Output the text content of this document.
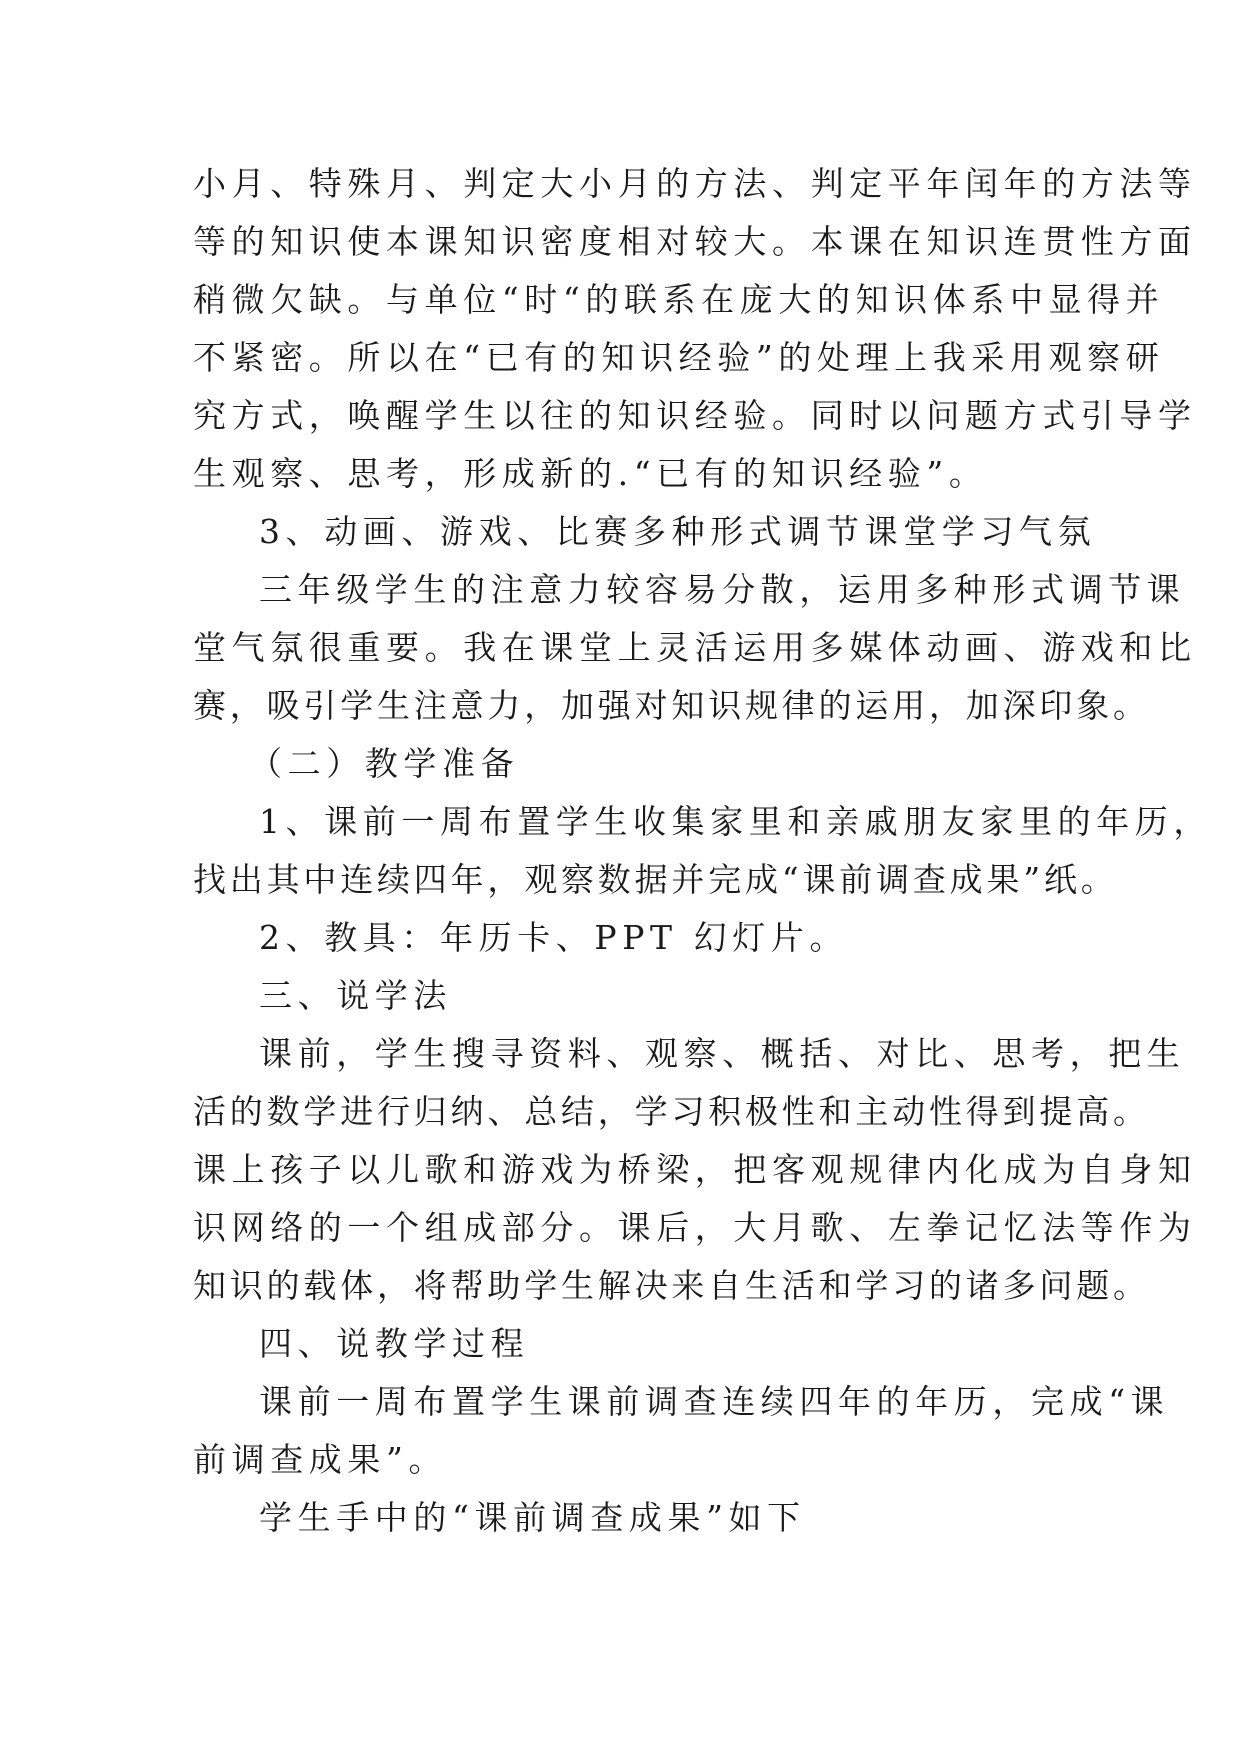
小月、特殊月、判定大小月的方法、判定平年闰年的方法等
等的知识使本课知识密度相对较大。本课在知识连贯性方面
稍微欠缺。与单位“时“的联系在庞大的知识体系中显得并
不紧密。所以在“已有的知识经验”的处理上我采用观察研
究方式，唤醒学生以往的知识经验。同时以问题方式引导学
生观察、思考，形成新的.“已有的知识经验”。
3、动画、游戏、比赛多种形式调节课堂学习气氛
三年级学生的注意力较容易分散，运用多种形式调节课
堂气氛很重要。我在课堂上灵活运用多媒体动画、游戏和比
赛，吸引学生注意力，加强对知识规律的运用，加深印象。
（二）教学准备
1、课前一周布置学生收集家里和亲戚朋友家里的年历，
找出其中连续四年，观察数据并完成“课前调查成果”纸。
2、教具：年历卡、PPT 幻灯片。
三、说学法
课前，学生搜寻资料、观察、概括、对比、思考，把生
活的数学进行归纳、总结，学习积极性和主动性得到提高。
课上孩子以儿歌和游戏为桥梁，把客观规律内化成为自身知
识网络的一个组成部分。课后，大月歌、左拳记忆法等作为
知识的载体，将帮助学生解决来自生活和学习的诸多问题。
四、说教学过程
课前一周布置学生课前调查连续四年的年历，完成“课
前调查成果”。
学生手中的“课前调查成果”如下
